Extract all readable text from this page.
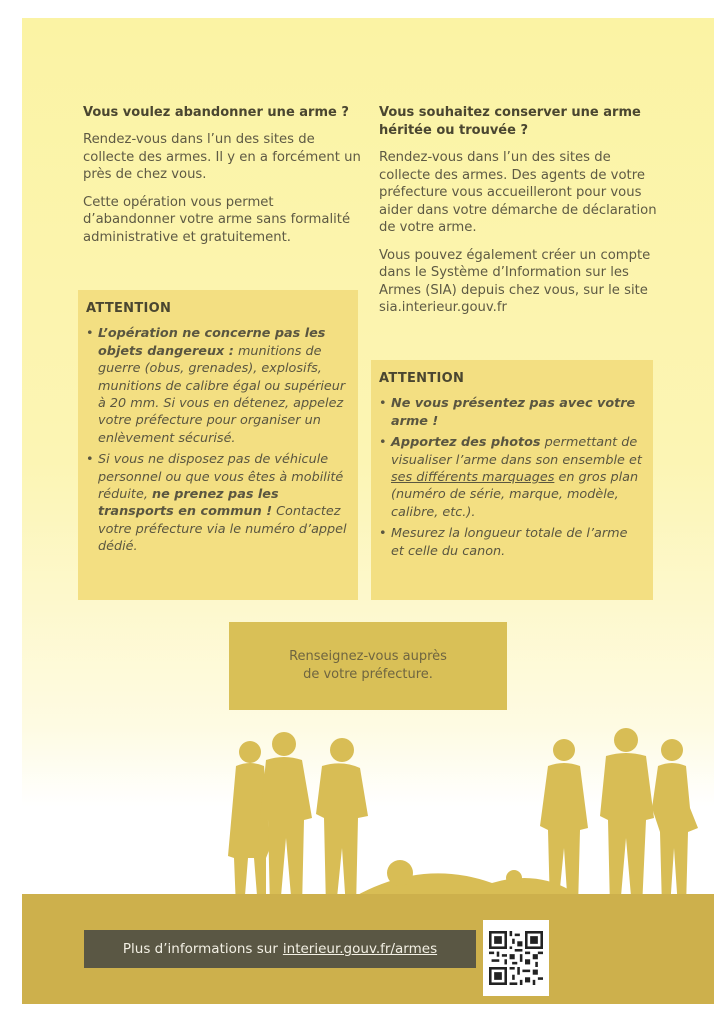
Vous voulez abandonner une arme ?

Rendez-vous dans l’un des sites de collecte des armes. Il y en a forcément un près de chez vous.

Cette opération vous permet d’abandonner votre arme sans formalité administrative et gratuitement.

Vous souhaitez conserver une arme héritée ou trouvée ?

Rendez-vous dans l’un des sites de collecte des armes. Des agents de votre préfecture vous accueilleront pour vous aider dans votre démarche de déclaration de votre arme.

Vous pouvez également créer un compte dans le Système d’Information sur les Armes (SIA) depuis chez vous, sur le site sia.interieur.gouv.fr

ATTENTION
• L’opération ne concerne pas les objets dangereux : munitions de guerre (obus, grenades), explosifs, munitions de calibre égal ou supérieur à 20 mm. Si vous en détenez, appelez votre préfecture pour organiser un enlèvement sécurisé.
• Si vous ne disposez pas de véhicule personnel ou que vous êtes à mobilité réduite, ne prenez pas les transports en commun ! Contactez votre préfecture via le numéro d’appel dédié.
ATTENTION
• Ne vous présentez pas avec votre arme !
• Apportez des photos permettant de visualiser l’arme dans son ensemble et ses différents marquages en gros plan (numéro de série, marque, modèle, calibre, etc.).
• Mesurez la longueur totale de l’arme et celle du canon.
Renseignez-vous auprès
de votre préfecture.
Plus d’informations sur interieur.gouv.fr/armes
